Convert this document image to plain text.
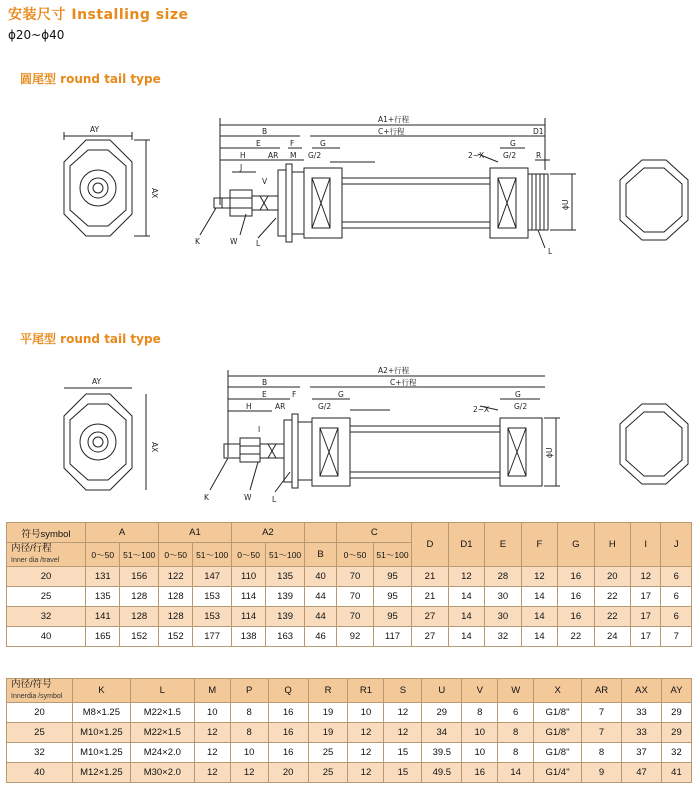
安装尺寸 Installing size
ɸ20~ɸ40
圆尾型 round tail type
AY
AX
A1+行程
B	C+行程	D1
E	F	G	G
R
H	AR M
J
V
G/2	G/2
2~X
ɸU
K	W L
L
平尾型 round tail type
AY
AX
A2+行程
B	C+行程
E	F	G	G
H	AR	G/2	G/2
2~X
I
ɸU
K	W	L
符号symbol	A		A1		A2			C		D	D1	E	F	G	H	I	J
内径/行程
Inner dia /travel	0～50	51～100	0～50	51～100	0～50	51～100	B	0～50	51～100								
20	131	156	122	147	110	135	40	70	95	21	12	28	12	16	20	12	6
25	135	128	128	153	114	139	44	70	95	21	14	30	14	16	22	17	6
32	141	128	128	153	114	139	44	70	95	27	14	30	14	16	22	17	6
40	165	152	152	177	138	163	46	92	117	27	14	32	14	22	24	17	7
内径/符号
Innerdia /symbol	K	L	M	P	Q	R	R1	S	U	V	W	X	AR	AX	AY
20	M8×1.25	M22×1.5	10	8	16	19	10	12	29	8	6	G1/8''	7	33	29
25	M10×1.25	M22×1.5	12	8	16	19	12	12	34	10	8	G1/8''	7	33	29
32	M10×1.25	M24×2.0	12	10	16	25	12	15	39.5	10	8	G1/8''	8	37	32
40	M12×1.25	M30×2.0	12	12	20	25	12	15	49.5	16	14	G1/4''	9	47	41
